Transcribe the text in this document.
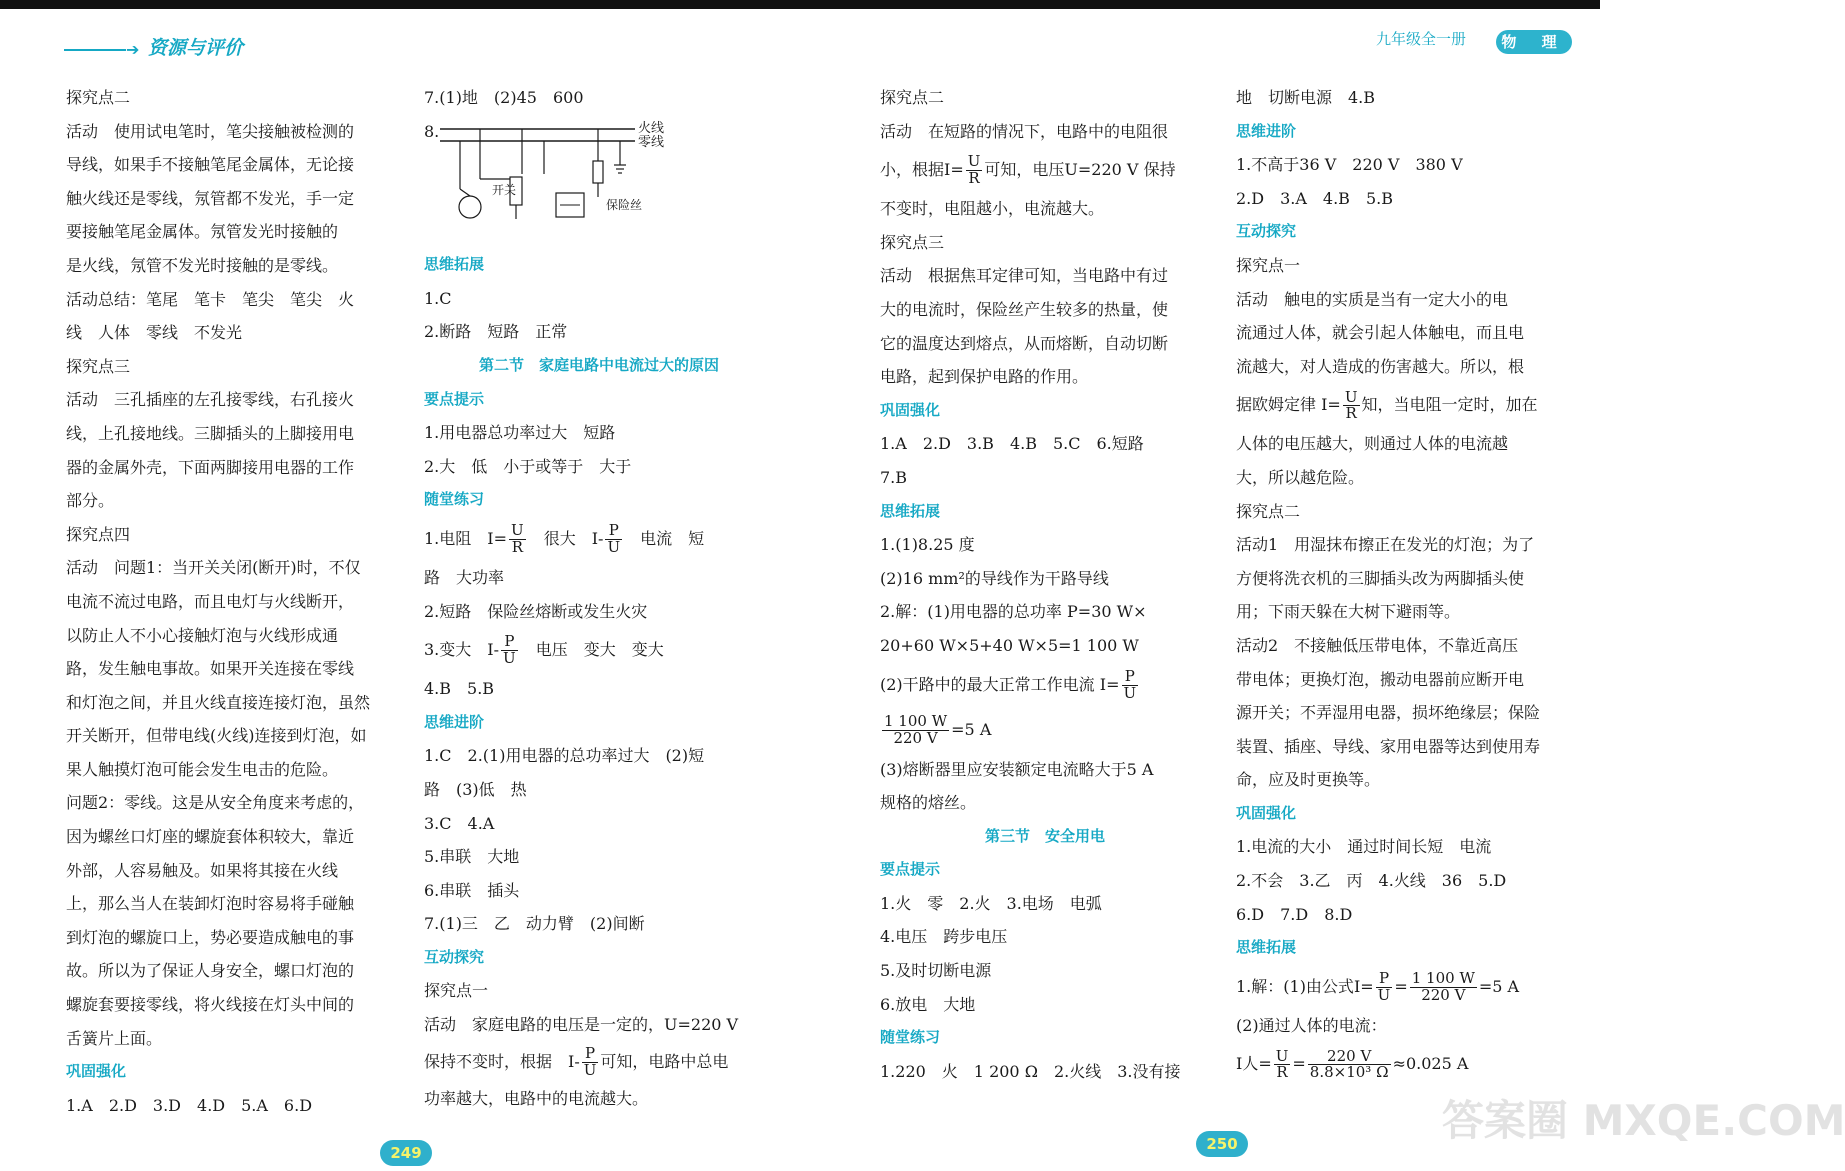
➔ 资源与评价

探究点二

活动　使用试电笔时，笔尖接触被检测的

导线，如果手不接触笔尾金属体，无论接

触火线还是零线，氖管都不发光，手一定

要接触笔尾金属体。氖管发光时接触的

是火线，氖管不发光时接触的是零线。

活动总结：笔尾　笔卡　笔尖　笔尖　火

线　人体　零线　不发光

探究点三

活动　三孔插座的左孔接零线，右孔接火

线，上孔接地线。三脚插头的上脚接用电

器的金属外壳，下面两脚接用电器的工作

部分。

探究点四

活动　问题1：当开关关闭(断开)时，不仅

电流不流过电路，而且电灯与火线断开，

以防止人不小心接触灯泡与火线形成通

路，发生触电事故。如果开关连接在零线

和灯泡之间，并且火线直接连接灯泡，虽然

开关断开，但带电线(火线)连接到灯泡，如

果人触摸灯泡可能会发生电击的危险。

问题2：零线。这是从安全角度来考虑的，

因为螺丝口灯座的螺旋套体积较大，靠近

外部，人容易触及。如果将其接在火线

上，那么当人在装卸灯泡时容易将手碰触

到灯泡的螺旋口上，势必要造成触电的事

故。所以为了保证人身安全，螺口灯泡的

螺旋套要接零线，将火线接在灯头中间的

舌簧片上面。

巩固强化

1.A　2.D　3.D　4.D　5.A　6.D

7.(1)地　(2)45　600

8.

思维拓展

1.C

2.断路　短路　正常

第二节　家庭电路中电流过大的原因

要点提示

1.用电器总功率过大　短路

2.大　低　小于或等于　大于

随堂练习

1.电阻　 $I= \frac{U}{R}$
　 很大　 $I- \frac{P}{U}$
　 电流　短

路　大功率

2.短路　保险丝熔断或发生火灾

3.变大　 $I- \frac{P}{U}$
　 电压　变大　变大

4.B　5.B

思维进阶

1.C　2.(1)用电器的总功率过大　(2)短

路　(3)低　热

3.C　4.A

5.串联　大地

6.串联　插头

7.(1)三　乙　动力臂　(2)间断

互动探究

探究点一

活动　家庭电路的电压是一定的，U=220 V

保持不变时，根据　 $I- \frac{P}{U}$ 可知，电路中总电

功率越大，电路中的电流越大。

火线
零线
开关
保险丝
249
九年级全一册	物 理

探究点二

活动　在短路的情况下，电路中的电阻很

小，根据$I= \frac{U}{R}$ 可知，电压U=220 V 保持

不变时，电阻越小，电流越大。

探究点三

活动　根据焦耳定律可知，当电路中有过

大的电流时，保险丝产生较多的热量，使

它的温度达到熔点，从而熔断，自动切断

电路，起到保护电路的作用。

巩固强化

1.A　2.D　3.B　4.B　5.C　6.短路

7.B

思维拓展

1.(1)8.25 度

(2)16 mm²的导线作为干路导线

2.解：(1)用电器的总功率 P=30 W×

20+60 W×5+40 W×5=1 100 W

(2)干路中的最大正常工作电流 $I= \frac{P}{U}$

$\frac{1 100 W}{220 V} =5$ A

(3)熔断器里应安装额定电流略大于5 A

规格的熔丝。

第三节　安全用电

要点提示

1.火　零　2.火　3.电场　电弧

4.电压　跨步电压

5.及时切断电源

6.放电　大地

随堂练习

1.220　火　1 200 Ω　2.火线　3.没有接

地　切断电源　4.B

思维进阶

1.不高于36 V　220 V　380 V

2.D　3.A　4.B　5.B

互动探究

探究点一

活动　触电的实质是当有一定大小的电

流通过人体，就会引起人体触电，而且电

流越大，对人造成的伤害越大。所以，根

据欧姆定律 $I= \frac{U}{R}$ 知，当电阻一定时，加在

人体的电压越大，则通过人体的电流越

大，所以越危险。

探究点二

活动1　用湿抹布擦正在发光的灯泡；为了

方便将洗衣机的三脚插头改为两脚插头使

用；下雨天躲在大树下避雨等。

活动2　不接触低压带电体，不靠近高压

带电体；更换灯泡，搬动电器前应断开电

源开关；不弄湿用电器，损坏绝缘层；保险

装置、插座、导线、家用电器等达到使用寿

命，应及时更换等。

巩固强化

1.电流的大小　通过时间长短　电流

2.不会　3.乙　丙　4.火线　36　5.D

6.D　7.D　8.D

思维拓展

1.解：(1)由公式$I= \frac{P}{U} = \frac{1 100 W}{220 V} =5$ A

(2)通过人体的电流：

I人= $\frac{U}{R} = \frac{220 V}{\text{8.8×10³ Ω}} \approx 0.025$ A

250	答案圈 MXQE.COM
